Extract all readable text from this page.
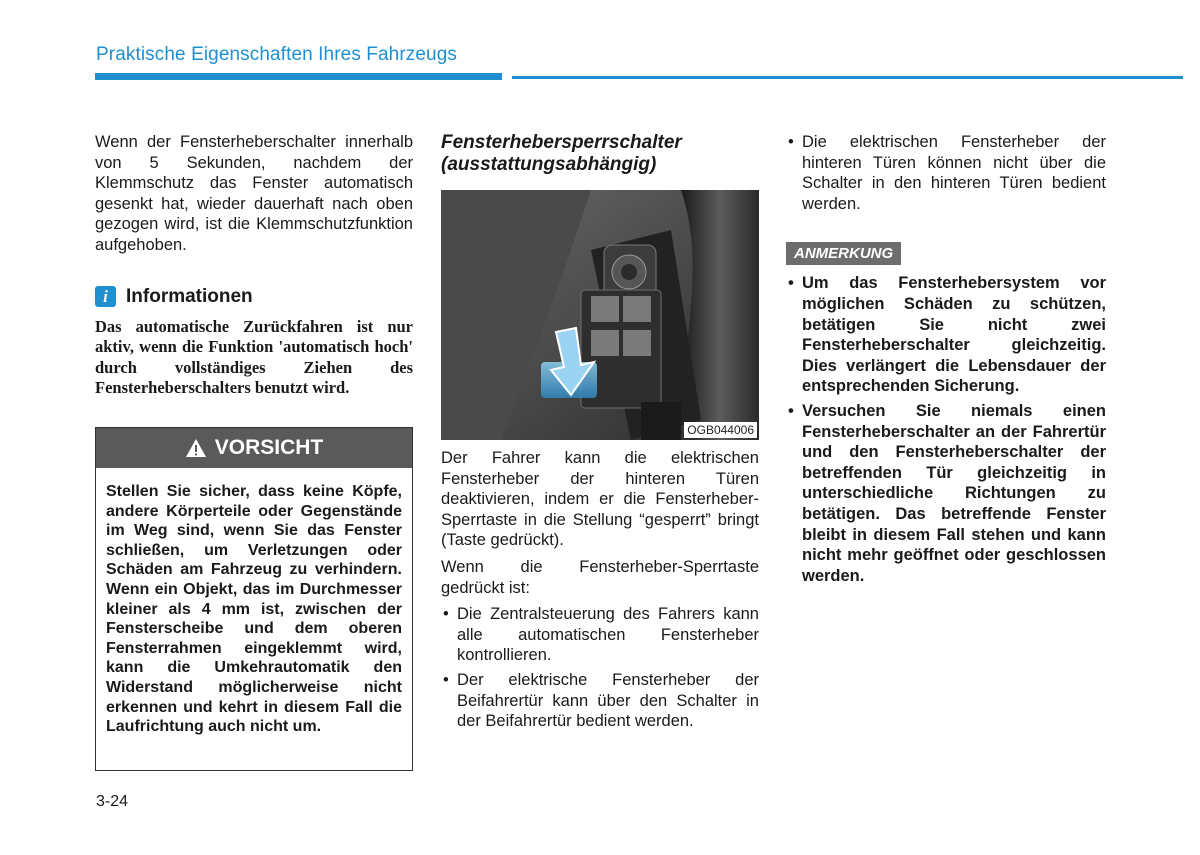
Praktische Eigenschaften Ihres Fahrzeugs

Wenn der Fensterheberschalter innerhalb von 5 Sekunden, nachdem der Klemmschutz das Fenster automatisch gesenkt hat, wieder dauerhaft nach oben gezogen wird, ist die Klemmschutzfunktion aufgehoben.

i Informationen

Das automatische Zurückfahren ist nur aktiv, wenn die Funktion 'automatisch hoch' durch vollständiges Ziehen des Fensterheberschalters benutzt wird.

VORSICHT

Stellen Sie sicher, dass keine Köpfe, andere Körperteile oder Gegenstände im Weg sind, wenn Sie das Fenster schließen, um Verletzungen oder Schäden am Fahrzeug zu verhindern. Wenn ein Objekt, das im Durchmesser kleiner als 4 mm ist, zwischen der Fensterscheibe und dem oberen Fensterrahmen eingeklemmt wird, kann die Umkehrautomatik den Widerstand möglicherweise nicht erkennen und kehrt in diesem Fall die Laufrichtung auch nicht um.

Fensterhebersperrschalter
(ausstattungsabhängig)
OGB044006

Der Fahrer kann die elektrischen Fensterheber der hinteren Türen deaktivieren, indem er die Fensterheber-Sperrtaste in die Stellung “gesperrt” bringt (Taste gedrückt).

Wenn die Fensterheber-Sperrtaste gedrückt ist:

• Die Zentralsteuerung des Fahrers kann alle automatischen Fensterheber kontrollieren.
• Der elektrische Fensterheber der Beifahrertür kann über den Schalter in der Beifahrertür bedient werden.
• Die elektrischen Fensterheber der hinteren Türen können nicht über die Schalter in den hinteren Türen bedient werden.
ANMERKUNG
• Um das Fensterhebersystem vor möglichen Schäden zu schützen, betätigen Sie nicht zwei Fensterheberschalter gleichzeitig. Dies verlängert die Lebensdauer der entsprechenden Sicherung.
• Versuchen Sie niemals einen Fensterheberschalter an der Fahrertür und den Fensterheberschalter der betreffenden Tür gleichzeitig in unterschiedliche Richtungen zu betätigen. Das betreffende Fenster bleibt in diesem Fall stehen und kann nicht mehr geöffnet oder geschlossen werden.
3-24
